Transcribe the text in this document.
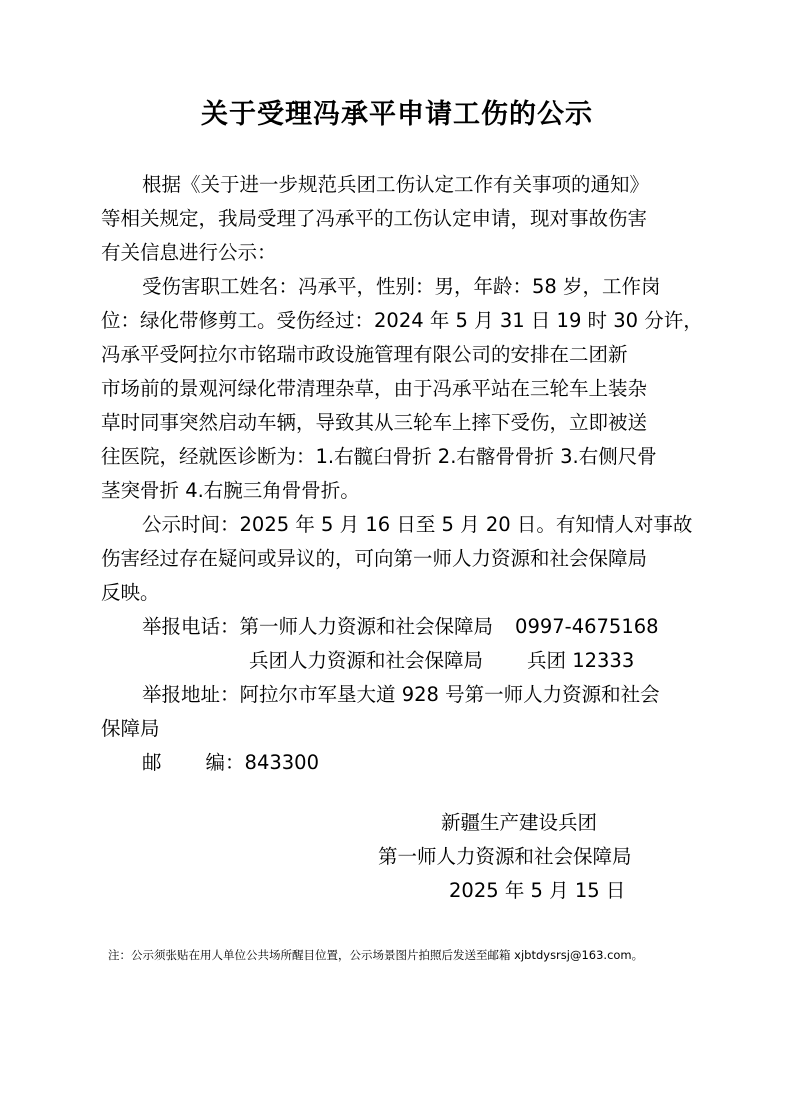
关于受理冯承平申请工伤的公示
根据《关于进一步规范兵团工伤认定工作有关事项的通知》
等相关规定，我局受理了冯承平的工伤认定申请，现对事故伤害
有关信息进行公示：
受伤害职工姓名：冯承平，性别：男，年龄：58 岁，工作岗
位：绿化带修剪工。受伤经过：2024 年 5 月 31 日 19 时 30 分许，
冯承平受阿拉尔市铭瑞市政设施管理有限公司的安排在二团新
市场前的景观河绿化带清理杂草，由于冯承平站在三轮车上装杂
草时同事突然启动车辆，导致其从三轮车上摔下受伤，立即被送
往医院，经就医诊断为：1.右髋臼骨折 2.右髂骨骨折 3.右侧尺骨
茎突骨折 4.右腕三角骨骨折。
公示时间：2025 年 5 月 16 日至 5 月 20 日。有知情人对事故
伤害经过存在疑问或异议的，可向第一师人力资源和社会保障局
反映。
举报电话：第一师人力资源和社会保障局 0997-4675168
兵团人力资源和社会保障局 兵团 12333
举报地址：阿拉尔市军垦大道 928 号第一师人力资源和社会
保障局
邮 编：843300
新疆生产建设兵团
第一师人力资源和社会保障局
2025 年 5 月 15 日
注：公示须张贴在用人单位公共场所醒目位置，公示场景图片拍照后发送至邮箱 xjbtdysrsj@163.com。
